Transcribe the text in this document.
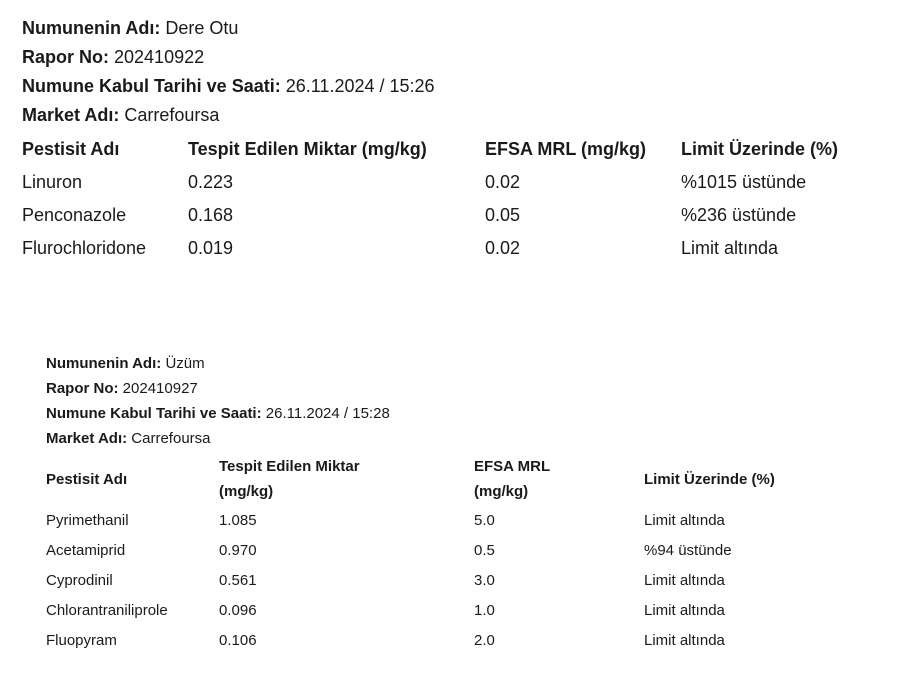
Numunenin Adı: Dere Otu
Rapor No: 202410922
Numune Kabul Tarihi ve Saati: 26.11.2024 / 15:26
Market Adı: Carrefoursa
Pestisit Adı	Tespit Edilen Miktar (mg/kg)	EFSA MRL (mg/kg)	Limit Üzerinde (%)
Linuron	0.223	0.02	%1015 üstünde
Penconazole	0.168	0.05	%236 üstünde
Flurochloridone	0.019	0.02	Limit altında
Numunenin Adı: Üzüm
Rapor No: 202410927
Numune Kabul Tarihi ve Saati: 26.11.2024 / 15:28
Market Adı: Carrefoursa
Pestisit Adı	Tespit Edilen Miktar (mg/kg)	EFSA MRL (mg/kg)	Limit Üzerinde (%)

Pyrimethanil	1.085	5.0	Limit altında
Acetamiprid	0.970	0.5	%94 üstünde
Cyprodinil	0.561	3.0	Limit altında
Chlorantraniliprole	0.096	1.0	Limit altında
Fluopyram	0.106	2.0	Limit altında
